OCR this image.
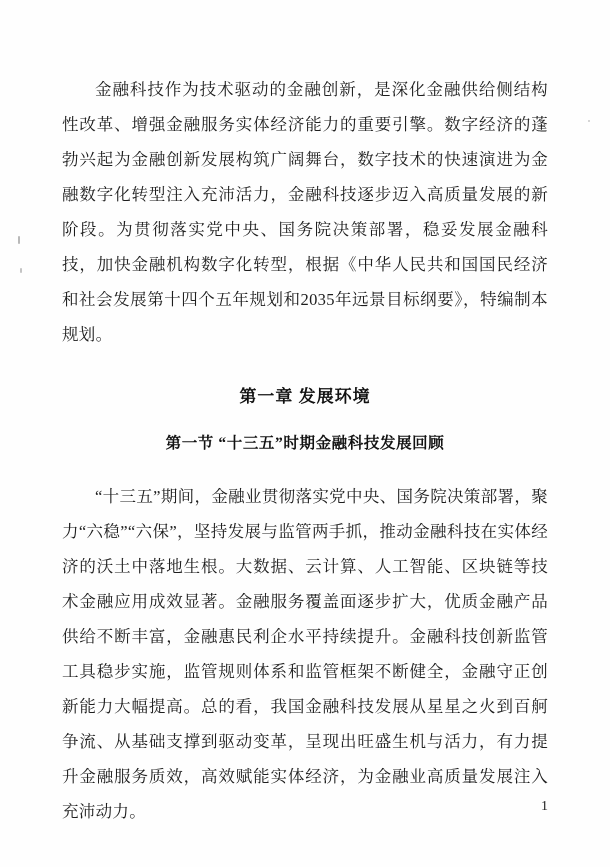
金融科技作为技术驱动的金融创新，是深化金融供给侧结构性改革、增强金融服务实体经济能力的重要引擎。数字经济的蓬勃兴起为金融创新发展构筑广阔舞台，数字技术的快速演进为金融数字化转型注入充沛活力，金融科技逐步迈入高质量发展的新阶段。为贯彻落实党中央、国务院决策部署，稳妥发展金融科技，加快金融机构数字化转型，根据《中华人民共和国国民经济和社会发展第十四个五年规划和2035年远景目标纲要》，特编制本规划。

第一章 发展环境
第一节 “十三五”时期金融科技发展回顾

“十三五”期间，金融业贯彻落实党中央、国务院决策部署，聚力“六稳”“六保”，坚持发展与监管两手抓，推动金融科技在实体经济的沃土中落地生根。大数据、云计算、人工智能、区块链等技术金融应用成效显著。金融服务覆盖面逐步扩大，优质金融产品供给不断丰富，金融惠民利企水平持续提升。金融科技创新监管工具稳步实施，监管规则体系和监管框架不断健全，金融守正创新能力大幅提高。总的看，我国金融科技发展从星星之火到百舸争流、从基础支撑到驱动变革，呈现出旺盛生机与活力，有力提升金融服务质效，高效赋能实体经济，为金融业高质量发展注入充沛动力。	1
